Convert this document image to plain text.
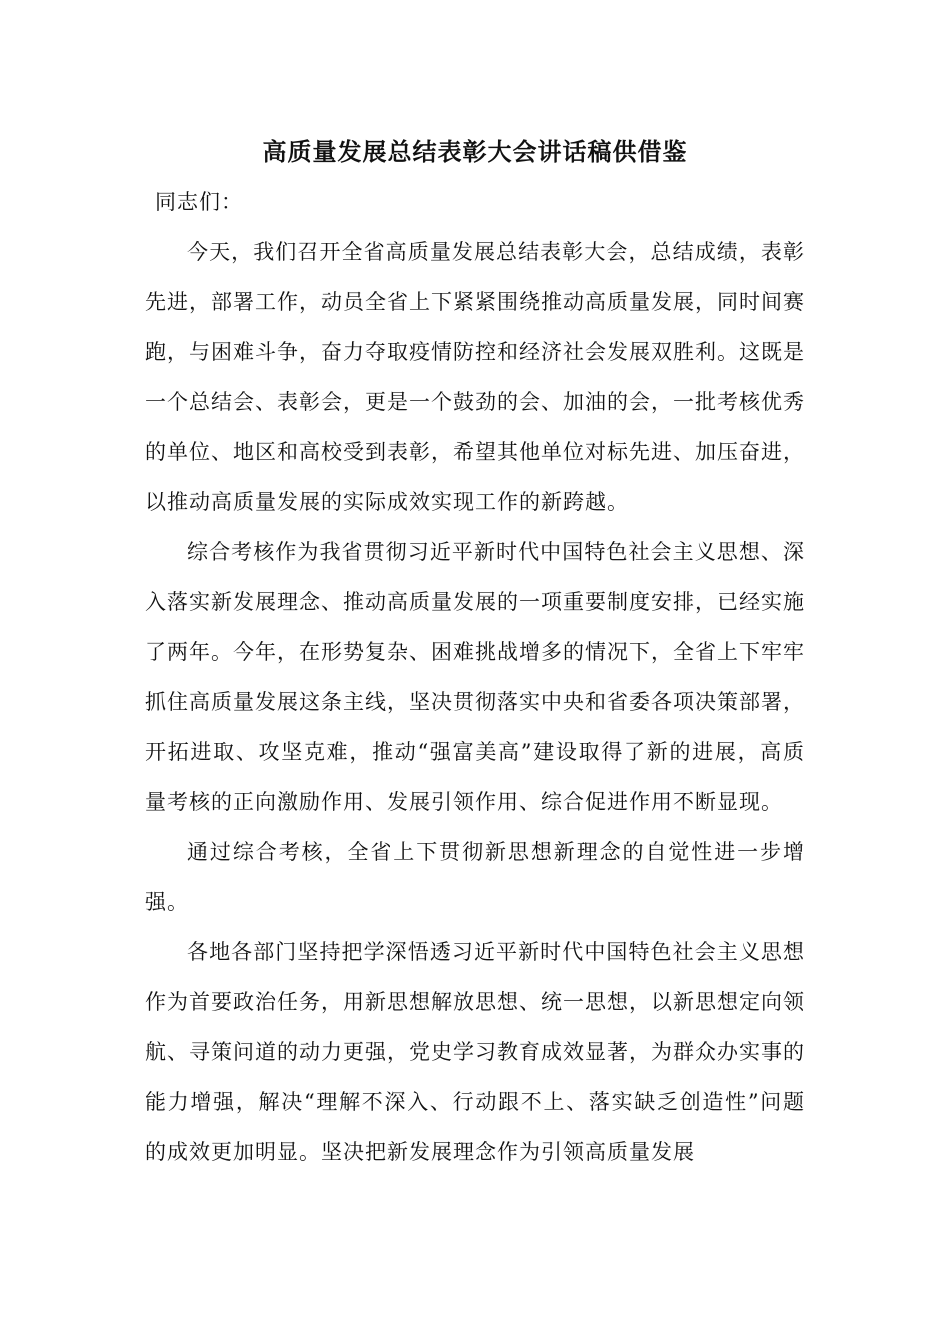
高质量发展总结表彰大会讲话稿供借鉴
同志们：

今天，我们召开全省高质量发展总结表彰大会，总结成绩，表彰先进，部署工作，动员全省上下紧紧围绕推动高质量发展，同时间赛跑，与困难斗争，奋力夺取疫情防控和经济社会发展双胜利。这既是一个总结会、表彰会，更是一个鼓劲的会、加油的会，一批考核优秀的单位、地区和高校受到表彰，希望其他单位对标先进、加压奋进，以推动高质量发展的实际成效实现工作的新跨越。

综合考核作为我省贯彻习近平新时代中国特色社会主义思想、深入落实新发展理念、推动高质量发展的一项重要制度安排，已经实施了两年。今年，在形势复杂、困难挑战增多的情况下，全省上下牢牢抓住高质量发展这条主线，坚决贯彻落实中央和省委各项决策部署，开拓进取、攻坚克难，推动“强富美高”建设取得了新的进展，高质量考核的正向激励作用、发展引领作用、综合促进作用不断显现。

通过综合考核，全省上下贯彻新思想新理念的自觉性进一步增强。

各地各部门坚持把学深悟透习近平新时代中国特色社会主义思想作为首要政治任务，用新思想解放思想、统一思想，以新思想定向领航、寻策问道的动力更强，党史学习教育成效显著，为群众办实事的能力增强，解决“理解不深入、行动跟不上、落实缺乏创造性”问题的成效更加明显。坚决把新发展理念作为引领高质量发展
